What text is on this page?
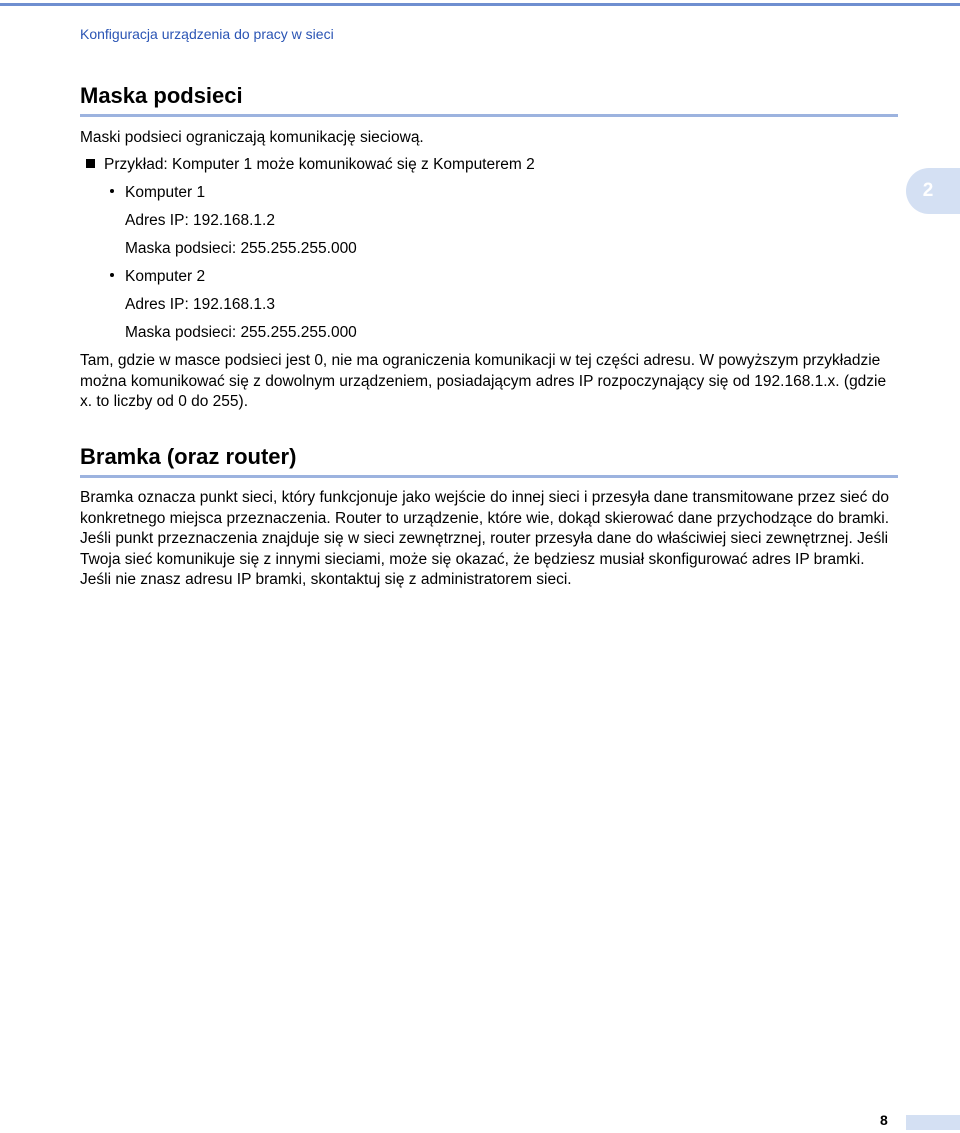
Konfiguracja urządzenia do pracy w sieci
2
Maska podsieci
Maski podsieci ograniczają komunikację sieciową.
Przykład: Komputer 1 może komunikować się z Komputerem 2
Komputer 1
Adres IP: 192.168.1.2
Maska podsieci: 255.255.255.000
Komputer 2
Adres IP: 192.168.1.3
Maska podsieci: 255.255.255.000

Tam, gdzie w masce podsieci jest 0, nie ma ograniczenia komunikacji w tej części adresu. W powyższym przykładzie można komunikować się z dowolnym urządzeniem, posiadającym adres IP rozpoczynający się od 192.168.1.x. (gdzie x. to liczby od 0 do 255).

Bramka (oraz router)

Bramka oznacza punkt sieci, który funkcjonuje jako wejście do innej sieci i przesyła dane transmitowane przez sieć do konkretnego miejsca przeznaczenia. Router to urządzenie, które wie, dokąd skierować dane przychodzące do bramki. Jeśli punkt przeznaczenia znajduje się w sieci zewnętrznej, router przesyła dane do właściwiej sieci zewnętrznej. Jeśli Twoja sieć komunikuje się z innymi sieciami, może się okazać, że będziesz musiał skonfigurować adres IP bramki. Jeśli nie znasz adresu IP bramki, skontaktuj się z administratorem sieci.

8
